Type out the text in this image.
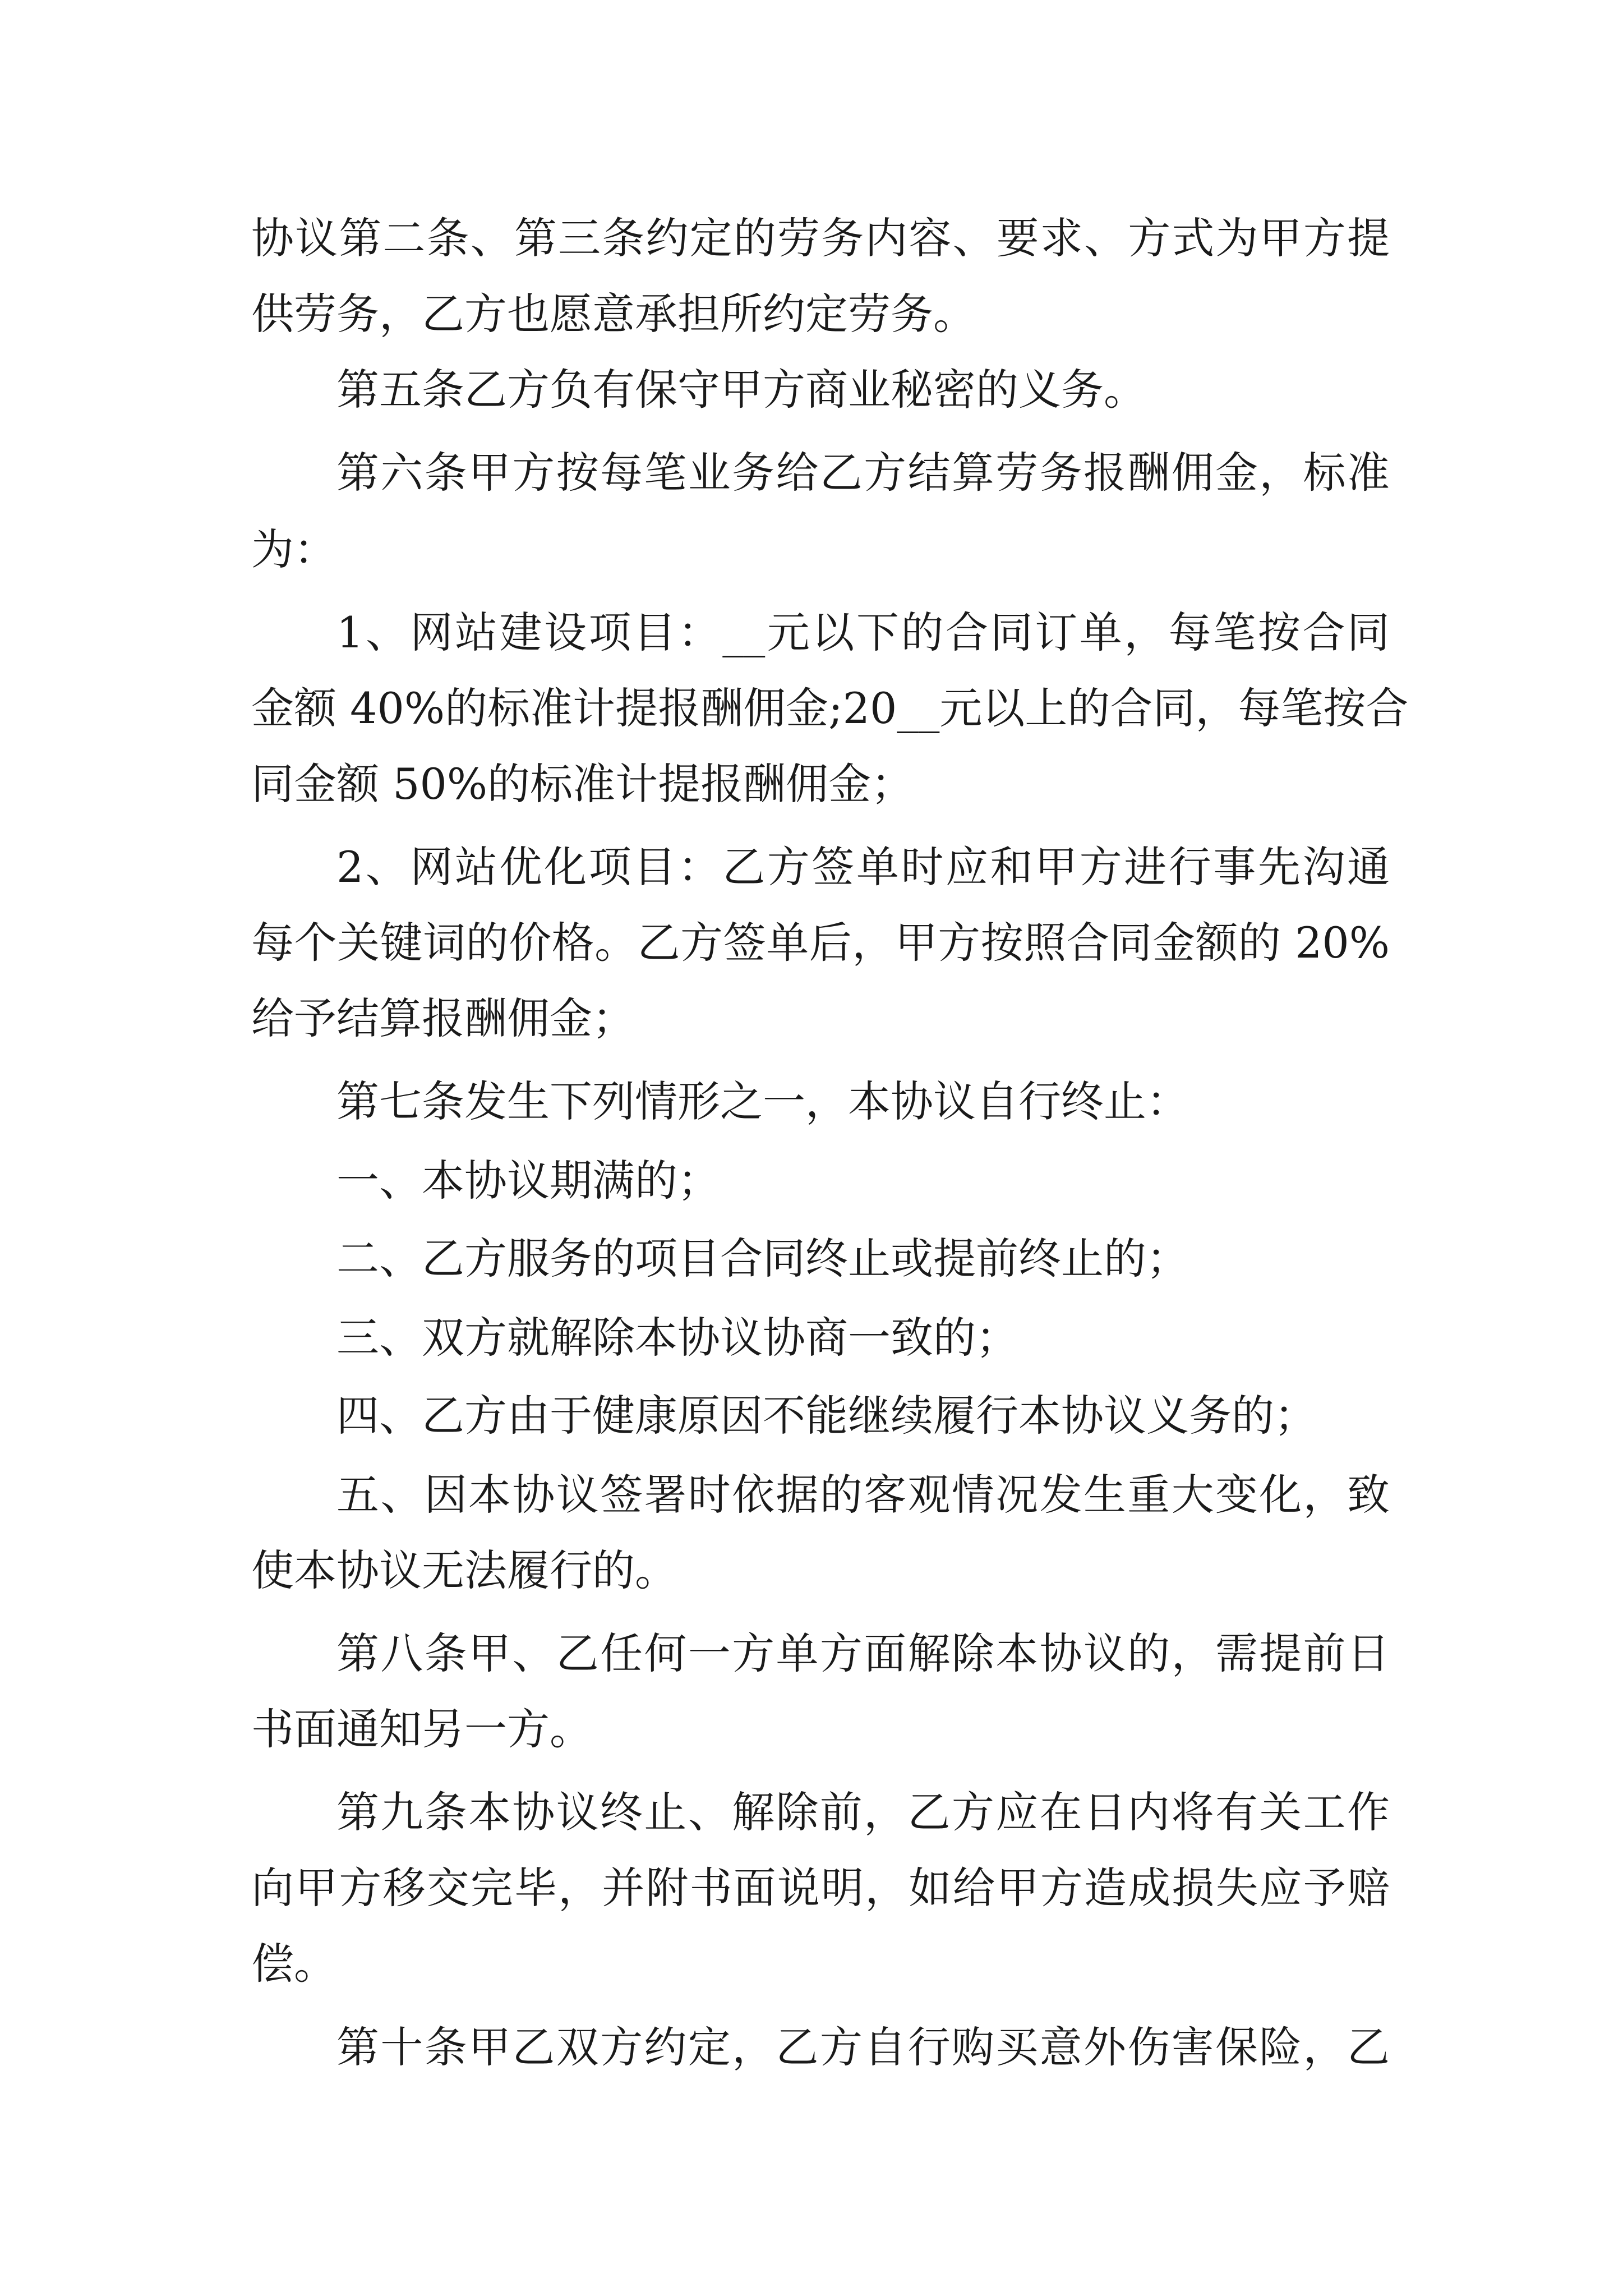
协议第二条、第三条约定的劳务内容、要求、方式为甲方提
供劳务，乙方也愿意承担所约定劳务。
第五条乙方负有保守甲方商业秘密的义务。
第六条甲方按每笔业务给乙方结算劳务报酬佣金，标准
为：
1、网站建设项目：__元以下的合同订单，每笔按合同
金额 40%的标准计提报酬佣金;20__元以上的合同，每笔按合
同金额 50%的标准计提报酬佣金；
2、网站优化项目：乙方签单时应和甲方进行事先沟通
每个关键词的价格。乙方签单后，甲方按照合同金额的 20%
给予结算报酬佣金；
第七条发生下列情形之一，本协议自行终止：
一、本协议期满的；
二、乙方服务的项目合同终止或提前终止的；
三、双方就解除本协议协商一致的；
四、乙方由于健康原因不能继续履行本协议义务的；
五、因本协议签署时依据的客观情况发生重大变化，致
使本协议无法履行的。
第八条甲、乙任何一方单方面解除本协议的，需提前日
书面通知另一方。
第九条本协议终止、解除前，乙方应在日内将有关工作
向甲方移交完毕，并附书面说明，如给甲方造成损失应予赔
偿。
第十条甲乙双方约定，乙方自行购买意外伤害保险，乙
